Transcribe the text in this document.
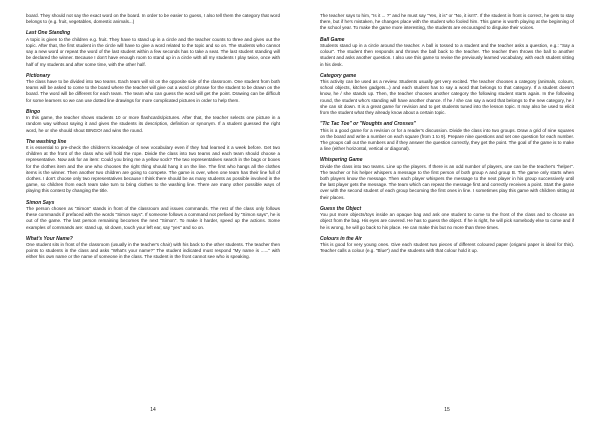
board. They should not say the exact word on the board. In order to be easier to guess, I also tell them the category that word belongs to (e.g. fruit, vegetables, domestic animals...)

Last One Standing

A topic is given to the children e.g. fruit. They have to stand up in a circle and the teacher counts to three and gives out the topic. After that, the first student in the circle will have to give a word related to the topic and so on. The students who cannot say a new word or repeat the word of the last student within a few seconds has to take a seat. The last student standing will be declared the winner. Because I don't have enough room to stand up in a circle with all my students I play twice, once with half of my students and after some time, with the other half.

Pictionary

The class have to be divided into two teams. Each team will sit on the opposite side of the classroom. One student from both teams will be asked to come to the board where the teacher will give out a word or phrase for the student to be drawn on the board. The word will be different for each team. The team who can guess the word will get the point. Drawing can be difficult for some learners so we can use dotted line drawings for more complicated pictures in order to help them.

Bingo

In this game, the teacher shows students 10 or more flashcards/pictures. After that, the teacher selects one picture in a random way without saying it and gives the students its description, definition or synonym. If a student guessed the right word, he or she should shout BINGO! and wins the round.

The washing line

It is essential to pre-check the children's knowledge of new vocabulary even if they had learned it a week before. Get two children at the front of the class who will hold the rope. Divide the class into two teams and each team should choose a representative. Now ask for an item: Could you bring me a yellow sock? The two representatives search in the bags or boxes for the clothes item and the one who chooses the right thing should hang it on the line. The first who hangs all the clothes items is the winner. Then another two children are going to compete. The game is over, when one team has their line full of clothes. I don't choose only two representatives because I think there should be as many students as possible involved in the game, so children from each team take turn to bring clothes to the washing line. There are many other possible ways of playing this contest by changing the title.

Simon Says

The person chosen as "Simon" stands in front of the classroom and issues commands. The rest of the class only follows these commands if prefaced with the words "Simon says". If someone follows a command not prefixed by "Simon says", he is out of the game. The last person remaining becomes the next "Simon". To make it harder, speed up the actions. Some examples of commands are: stand up, sit down, touch your left ear, say "yes" and so on.

What's Your Name?

One student sits in front of the classroom (usually in the teacher's chair) with his back to the other students. The teacher then points to students in the class and asks "What's your name?" The student indicated must respond "My name is ......" with either his own name or the name of someone in the class. The student in the front cannot see who is speaking.

14

The teacher says to him, "Is it ... ?" and he must say "Yes, it is" or "No, it isn't". If the student in front is correct, he gets to stay there, but if he's mistaken, he changes place with the student who fooled him. This game is worth playing at the beginning of the school year. To make the game more interesting, the students are encouraged to disguise their voices.

Ball Game

Students stand up in a circle around the teacher. A ball is tossed to a student and the teacher asks a question, e.g.: "Say a colour". The student then responds and throws the ball back to the teacher. The teacher then throws the ball to another student and asks another question. I also use this game to revise the previously learned vocabulary, with each student sitting in his desk.

Category game

This activity can be used as a review. Students usually get very excited. The teacher chooses a category (animals, colours, school objects, kitchen gadgets...) and each student has to say a word that belongs to that category. If a student doesn't know, he / she stands up. Then, the teacher chooses another category the following student starts again. In the following round, the student who's standing will have another chance. If he / she can say a word that belongs to the new category, he / she can sit down. It is a great game for revision and to get students tuned into the lesson topic. It may also be used to elicit from the student what they already know about a certain topic.

"Tic Tac Toe" or "Noughts and Crosses"

This is a good game for a revision or for a reader's discussion. Divide the class into two groups. Draw a grid of nine squares on the board and write a number on each square (from 1 to 9). Prepare nine questions and set one question for each number. The groups call out the numbers and if they answer the question correctly, they get the point. The goal of the game is to make a line (either horizontal, vertical or diagonal).

Whispering Game

Divide the class into two teams. Line up the players. If there is an odd number of players, one can be the teacher's "helper". The teacher or his helper whispers a message to the first person of both group A and group B. The game only starts when both players know the message. Then each player whispers the message to the next player in his group successively until the last player gets the message. The team which can repeat the message first and correctly receives a point. Start the game over with the second student of each group becoming the first ones in line. I sometimes play this game with children sitting at their places.

Guess the Object

You put more objects/toys inside an opaque bag and ask one student to come to the front of the class and to choose an object from the bag. His eyes are covered. He has to guess the object. If he is right, he will pick somebody else to come and if he is wrong, he will go back to his place. He can make this but no more than three times.

Colours in the Air

This is good for very young ones. Give each student two pieces of different coloured paper (origami paper is ideal for this). Teacher calls a colour (e.g. "Blue") and the students with that colour hold it up.

15
